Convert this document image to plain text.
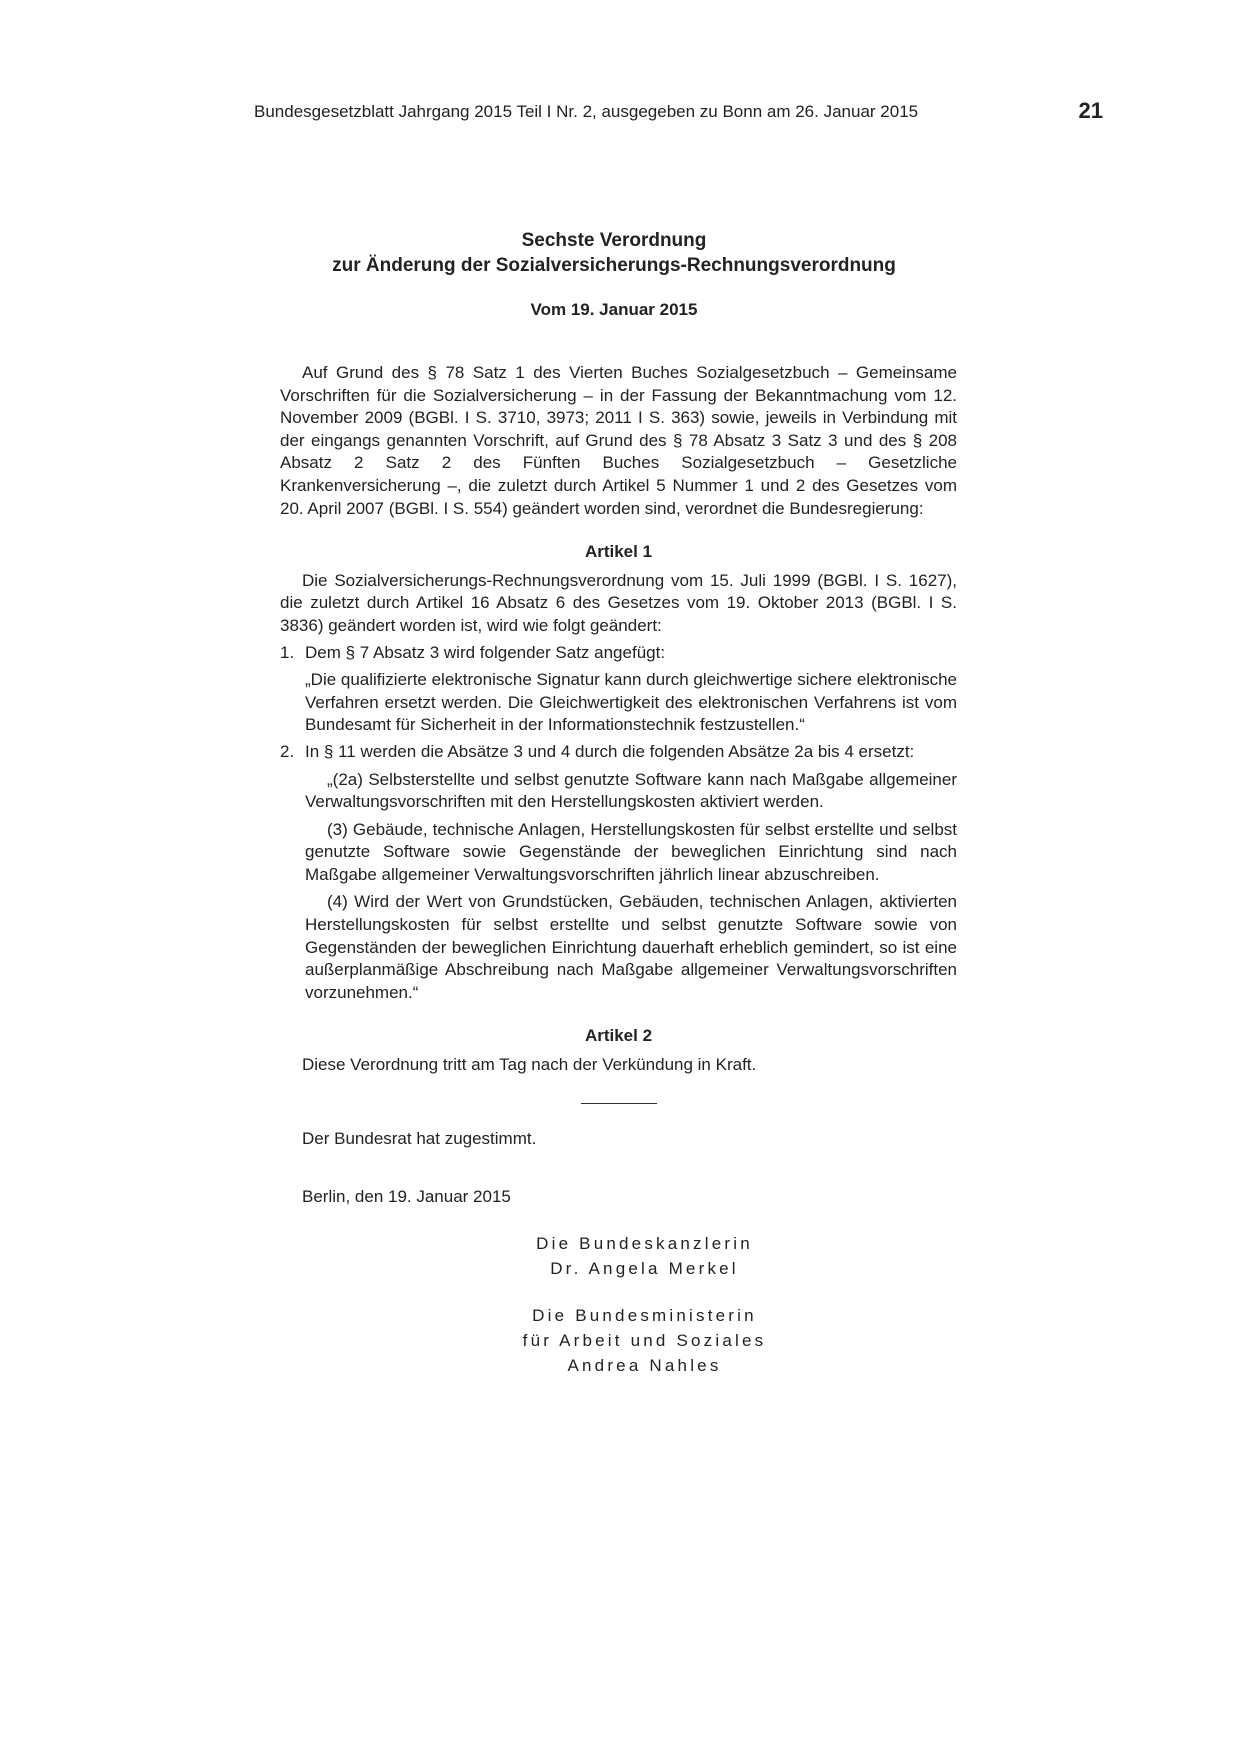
Bundesgesetzblatt Jahrgang 2015 Teil I Nr. 2, ausgegeben zu Bonn am 26. Januar 2015	21
Sechste Verordnung
zur Änderung der Sozialversicherungs-Rechnungsverordnung
Vom 19. Januar 2015

Auf Grund des § 78 Satz 1 des Vierten Buches Sozialgesetzbuch – Gemeinsame Vorschriften für die Sozialversicherung – in der Fassung der Bekanntmachung vom 12. November 2009 (BGBl. I S. 3710, 3973; 2011 I S. 363) sowie, jeweils in Verbindung mit der eingangs genannten Vorschrift, auf Grund des § 78 Absatz 3 Satz 3 und des § 208 Absatz 2 Satz 2 des Fünften Buches Sozialgesetzbuch – Gesetzliche Krankenversicherung –, die zuletzt durch Artikel 5 Nummer 1 und 2 des Gesetzes vom 20. April 2007 (BGBl. I S. 554) geändert worden sind, verordnet die Bundesregierung:

Artikel 1

Die Sozialversicherungs-Rechnungsverordnung vom 15. Juli 1999 (BGBl. I S. 1627), die zuletzt durch Artikel 16 Absatz 6 des Gesetzes vom 19. Oktober 2013 (BGBl. I S. 3836) geändert worden ist, wird wie folgt geändert:

1. Dem § 7 Absatz 3 wird folgender Satz angefügt:

„Die qualifizierte elektronische Signatur kann durch gleichwertige sichere elektronische Verfahren ersetzt werden. Die Gleichwertigkeit des elektronischen Verfahrens ist vom Bundesamt für Sicherheit in der Informationstechnik festzustellen.“

2. In § 11 werden die Absätze 3 und 4 durch die folgenden Absätze 2a bis 4 ersetzt:

„(2a) Selbsterstellte und selbst genutzte Software kann nach Maßgabe allgemeiner Verwaltungsvorschriften mit den Herstellungskosten aktiviert werden.

(3) Gebäude, technische Anlagen, Herstellungskosten für selbst erstellte und selbst genutzte Software sowie Gegenstände der beweglichen Einrichtung sind nach Maßgabe allgemeiner Verwaltungsvorschriften jährlich linear abzuschreiben.

(4) Wird der Wert von Grundstücken, Gebäuden, technischen Anlagen, aktivierten Herstellungskosten für selbst erstellte und selbst genutzte Software sowie von Gegenständen der beweglichen Einrichtung dauerhaft erheblich gemindert, so ist eine außerplanmäßige Abschreibung nach Maßgabe allgemeiner Verwaltungsvorschriften vorzunehmen.“

Artikel 2

Diese Verordnung tritt am Tag nach der Verkündung in Kraft.

Der Bundesrat hat zugestimmt.

Berlin, den 19. Januar 2015

Die Bundeskanzlerin
Dr. Angela Merkel
Die Bundesministerin
für Arbeit und Soziales
Andrea Nahles
